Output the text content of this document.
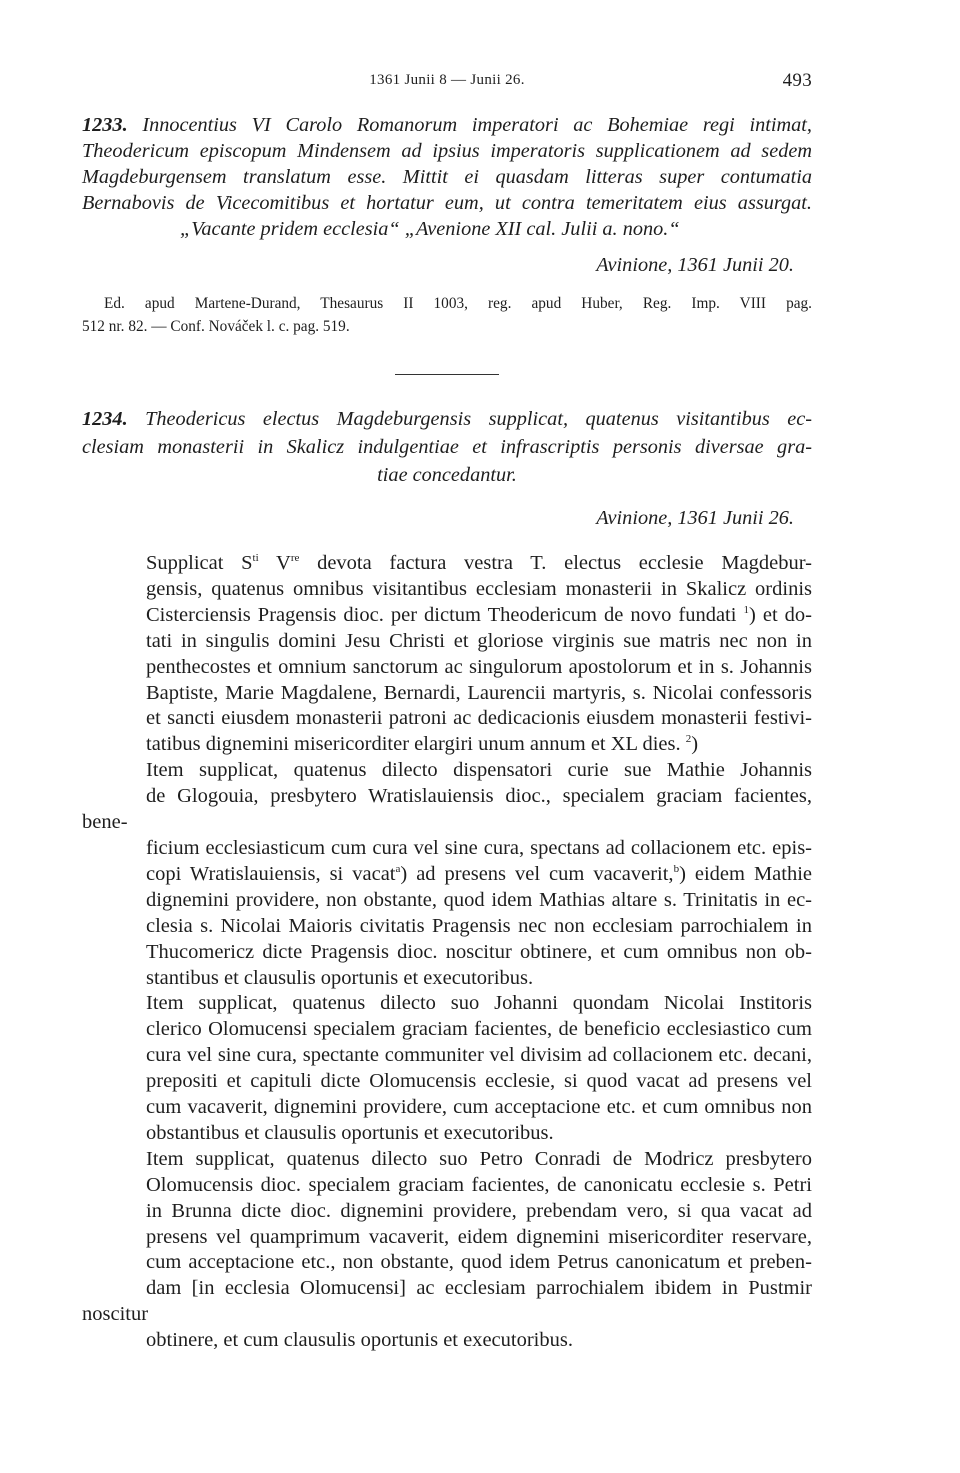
1361 Junii 8 — Junii 26.	493
1233. Innocentius VI Carolo Romanorum imperatori ac Bohemiae regi intimat,
Theodericum episcopum Mindensem ad ipsius imperatoris supplicationem ad sedem
Magdeburgensem translatum esse. Mittit ei quasdam litteras super contumatia
Bernabovis de Vicecomitibus et hortatur eum, ut contra temeritatem eius assurgat.
„Vacante pridem ecclesia“ „Avenione XII cal. Julii a. nono.“
Avinione, 1361 Junii 20.
Ed. apud Martene-Durand, Thesaurus II 1003, reg. apud Huber, Reg. Imp. VIII pag.
512 nr. 82. — Conf. Nováček l. c. pag. 519.
1234. Theodericus electus Magdeburgensis supplicat, quatenus visitantibus ec-
clesiam monasterii in Skalicz indulgentiae et infrascriptis personis diversae gra-
tiae concedantur.
Avinione, 1361 Junii 26.
Supplicat $S^{ti}$ Vre devota factura vestra T. electus ecclesie Magdebur-
gensis, quatenus omnibus visitantibus ecclesiam monasterii in Skalicz ordinis
Cisterciensis Pragensis dioc. per dictum Theodericum de novo fundati $^1$) et do-
tati in singulis domini Jesu Christi et gloriose virginis sue matris nec non in
penthecostes et omnium sanctorum ac singulorum apostolorum et in s. Johannis
Baptiste, Marie Magdalene, Bernardi, Laurencii martyris, s. Nicolai confessoris
et sancti eiusdem monasterii patroni ac dedicacionis eiusdem monasterii festivi-
tatibus dignemini misericorditer elargiri unum annum et XL dies. $^2$)
Item supplicat, quatenus dilecto dispensatori curie sue Mathie Johannis
de Glogouia, presbytero Wratislauiensis dioc., specialem graciam facientes, bene-
ficium ecclesiasticum cum cura vel sine cura, spectans ad collacionem etc. epis-
copi Wratislauiensis, si vacat$^a$) ad presens vel cum vacaverit,$^b$) eidem Mathie
dignemini providere, non obstante, quod idem Mathias altare s. Trinitatis in ec-
clesia s. Nicolai Maioris civitatis Pragensis nec non ecclesiam parrochialem in
Thucomericz dicte Pragensis dioc. noscitur obtinere, et cum omnibus non ob-
stantibus et clausulis oportunis et executoribus.
Item supplicat, quatenus dilecto suo Johanni quondam Nicolai Institoris
clerico Olomucensi specialem graciam facientes, de beneficio ecclesiastico cum
cura vel sine cura, spectante communiter vel divisim ad collacionem etc. decani,
prepositi et capituli dicte Olomucensis ecclesie, si quod vacat ad presens vel
cum vacaverit, dignemini providere, cum acceptacione etc. et cum omnibus non
obstantibus et clausulis oportunis et executoribus.
Item supplicat, quatenus dilecto suo Petro Conradi de Modricz presbytero
Olomucensis dioc. specialem graciam facientes, de canonicatu ecclesie s. Petri
in Brunna dicte dioc. dignemini providere, prebendam vero, si qua vacat ad
presens vel quamprimum vacaverit, eidem dignemini misericorditer reservare,
cum acceptacione etc., non obstante, quod idem Petrus canonicatum et preben-
dam [in ecclesia Olomucensi] ac ecclesiam parrochialem ibidem in Pustmir noscitur
obtinere, et cum clausulis oportunis et executoribus.
